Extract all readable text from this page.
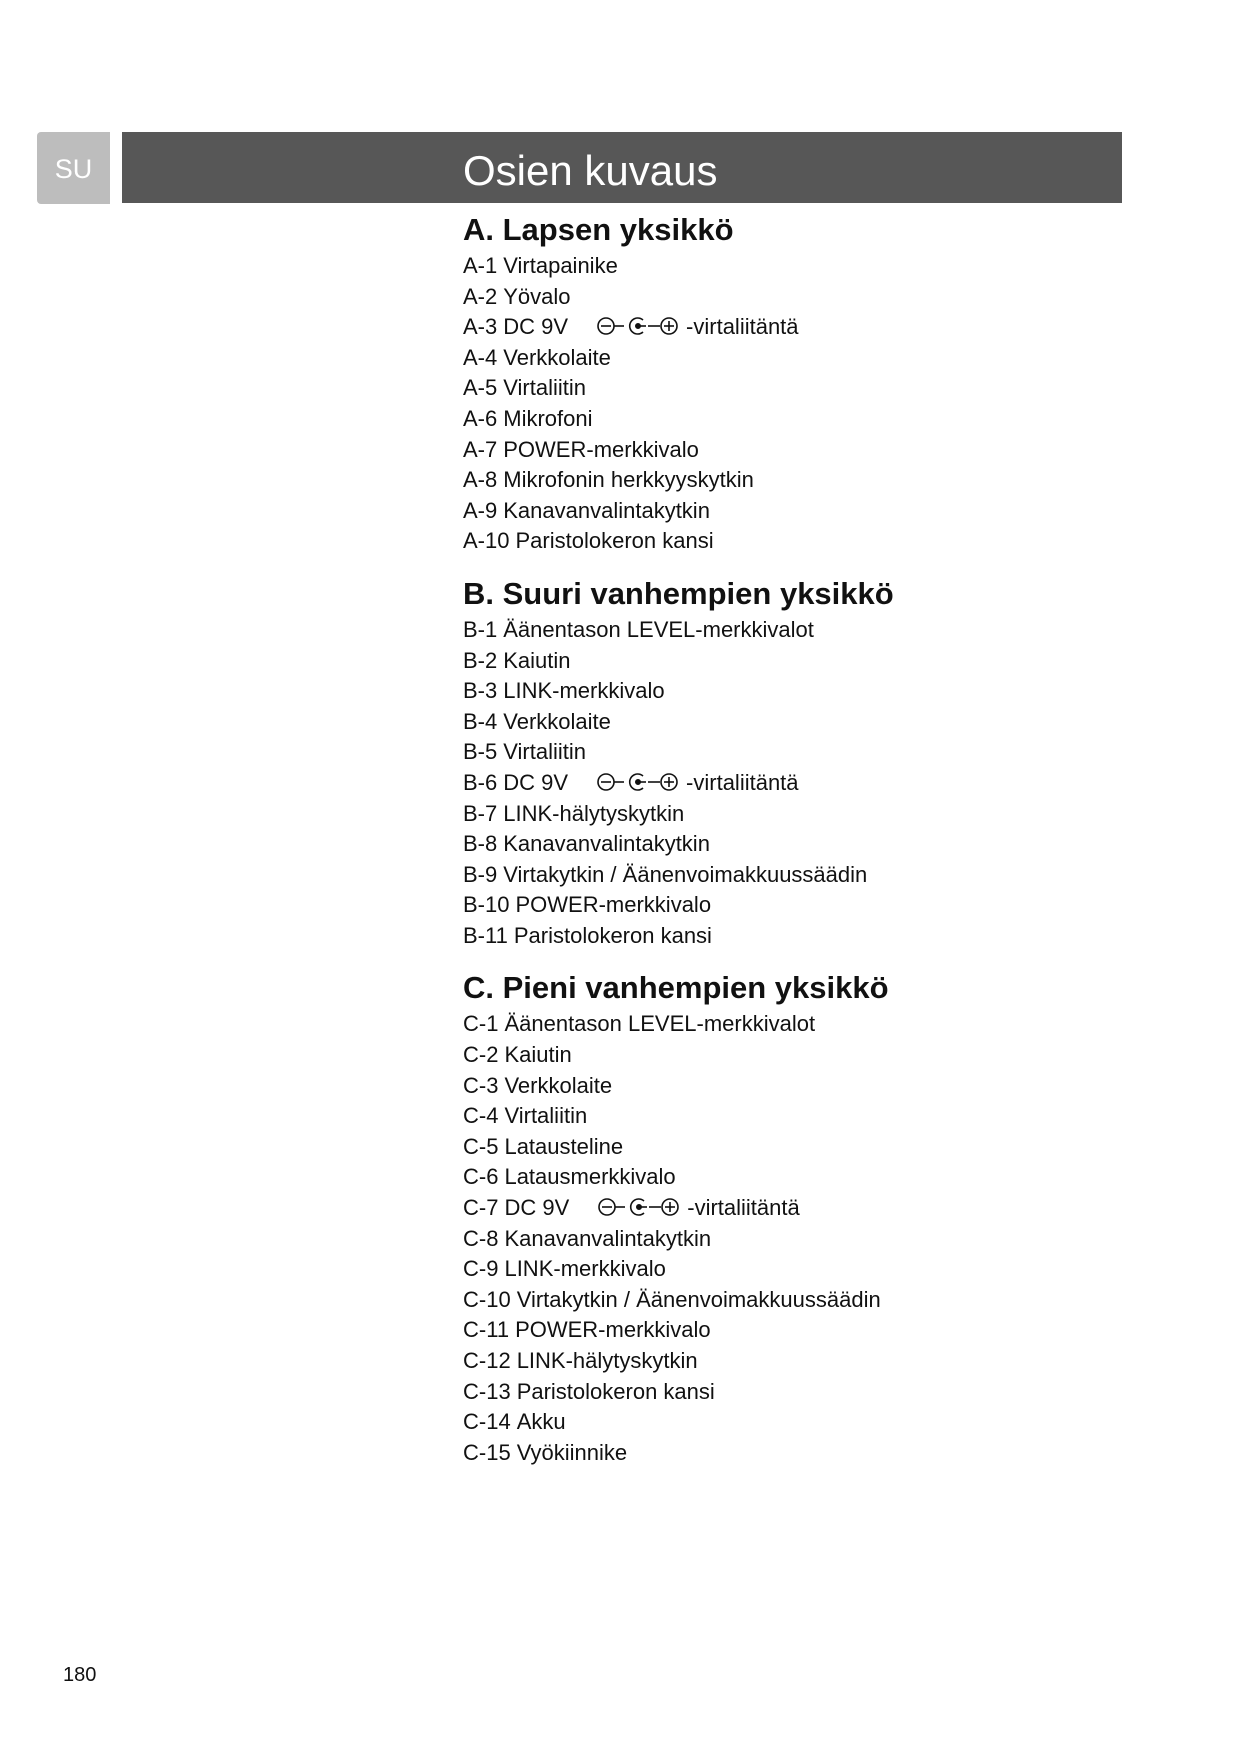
SU	Osien kuvaus
A. Lapsen yksikkö
A-1 Virtapainike
A-2 Yövalo
A-3 DC 9V	-virtaliitäntä
A-4 Verkkolaite
A-5 Virtaliitin
A-6 Mikrofoni
A-7 POWER-merkkivalo
A-8 Mikrofonin herkkyyskytkin
A-9 Kanavanvalintakytkin
A-10 Paristolokeron kansi
B. Suuri vanhempien yksikkö
B-1 Äänentason LEVEL-merkkivalot
B-2 Kaiutin
B-3 LINK-merkkivalo
B-4 Verkkolaite
B-5 Virtaliitin
B-6 DC 9V	-virtaliitäntä
B-7 LINK-hälytyskytkin
B-8 Kanavanvalintakytkin
B-9 Virtakytkin / Äänenvoimakkuussäädin
B-10 POWER-merkkivalo
B-11 Paristolokeron kansi
C. Pieni vanhempien yksikkö
C-1 Äänentason LEVEL-merkkivalot
C-2 Kaiutin
C-3 Verkkolaite
C-4 Virtaliitin
C-5 Latausteline
C-6 Latausmerkkivalo
C-7 DC 9V	-virtaliitäntä
C-8 Kanavanvalintakytkin
C-9 LINK-merkkivalo
C-10 Virtakytkin / Äänenvoimakkuussäädin
C-11 POWER-merkkivalo
C-12 LINK-hälytyskytkin
C-13 Paristolokeron kansi
C-14 Akku
C-15 Vyökiinnike
180
